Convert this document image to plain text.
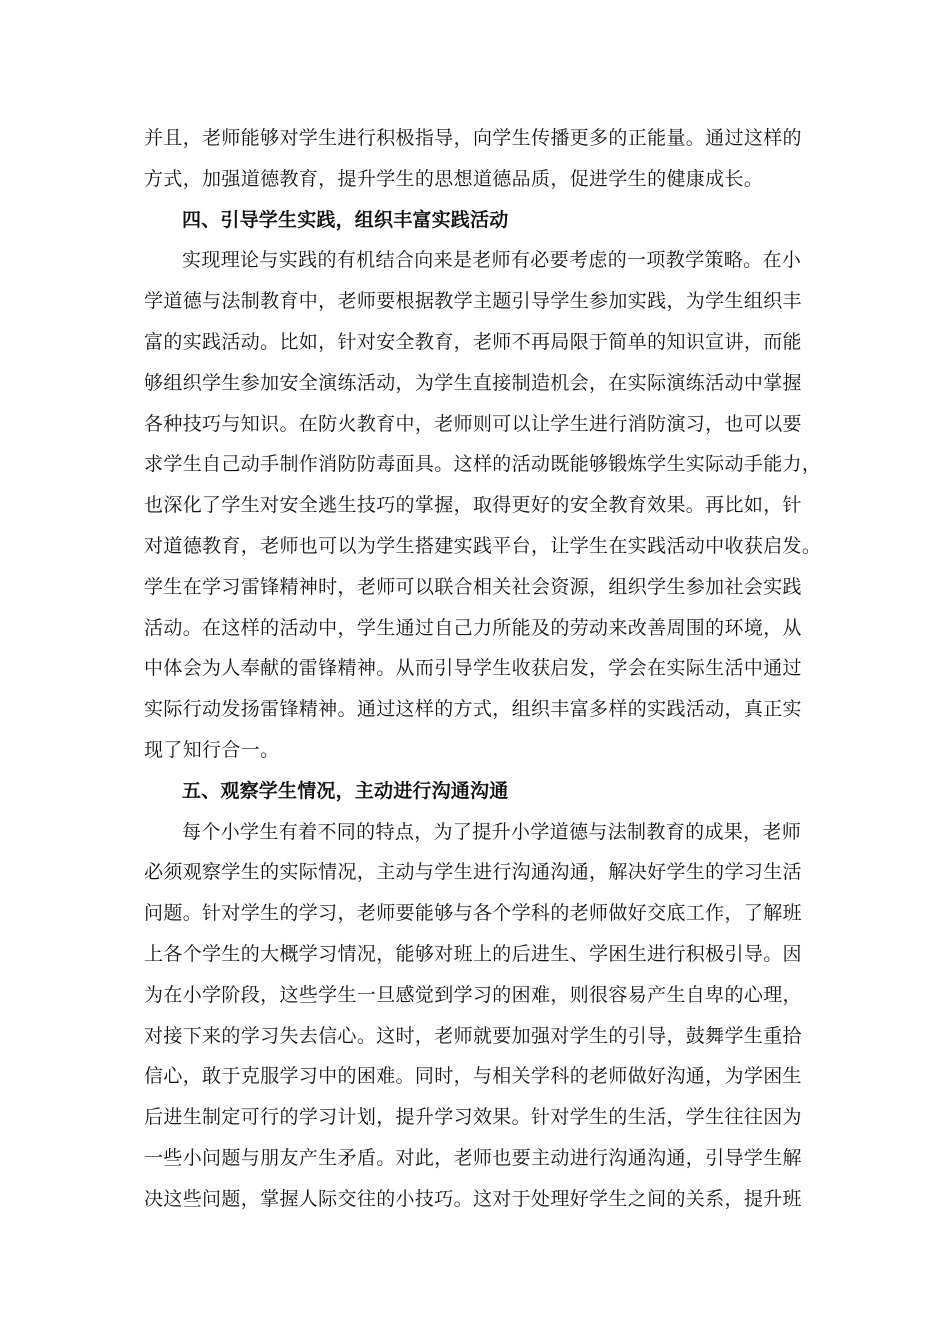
并且，老师能够对学生进行积极指导，向学生传播更多的正能量。通过这样的
方式，加强道德教育，提升学生的思想道德品质，促进学生的健康成长。
四、引导学生实践，组织丰富实践活动
实现理论与实践的有机结合向来是老师有必要考虑的一项教学策略。在小
学道德与法制教育中，老师要根据教学主题引导学生参加实践，为学生组织丰
富的实践活动。比如，针对安全教育，老师不再局限于简单的知识宣讲，而能
够组织学生参加安全演练活动，为学生直接制造机会，在实际演练活动中掌握
各种技巧与知识。在防火教育中，老师则可以让学生进行消防演习，也可以要
求学生自己动手制作消防防毒面具。这样的活动既能够锻炼学生实际动手能力，
也深化了学生对安全逃生技巧的掌握，取得更好的安全教育效果。再比如，针
对道德教育，老师也可以为学生搭建实践平台，让学生在实践活动中收获启发。
学生在学习雷锋精神时，老师可以联合相关社会资源，组织学生参加社会实践
活动。在这样的活动中，学生通过自己力所能及的劳动来改善周围的环境，从
中体会为人奉献的雷锋精神。从而引导学生收获启发，学会在实际生活中通过
实际行动发扬雷锋精神。通过这样的方式，组织丰富多样的实践活动，真正实
现了知行合一。
五、观察学生情况，主动进行沟通沟通
每个小学生有着不同的特点，为了提升小学道德与法制教育的成果，老师
必须观察学生的实际情况，主动与学生进行沟通沟通，解决好学生的学习生活
问题。针对学生的学习，老师要能够与各个学科的老师做好交底工作，了解班
上各个学生的大概学习情况，能够对班上的后进生、学困生进行积极引导。因
为在小学阶段，这些学生一旦感觉到学习的困难，则很容易产生自卑的心理，
对接下来的学习失去信心。这时，老师就要加强对学生的引导，鼓舞学生重拾
信心，敢于克服学习中的困难。同时，与相关学科的老师做好沟通，为学困生
后进生制定可行的学习计划，提升学习效果。针对学生的生活，学生往往因为
一些小问题与朋友产生矛盾。对此，老师也要主动进行沟通沟通，引导学生解
决这些问题，掌握人际交往的小技巧。这对于处理好学生之间的关系，提升班
